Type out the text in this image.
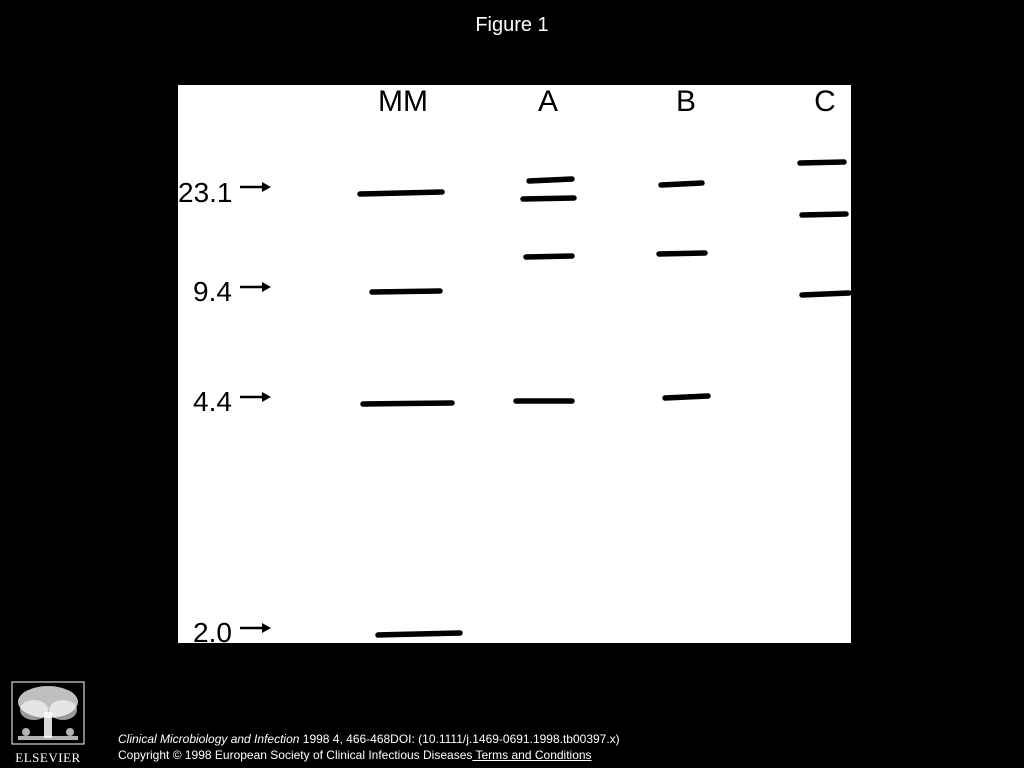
Figure 1
MM	A	B	C
23.1
9.4
4.4
2.0
ELSEVIER
Clinical Microbiology and Infection 1998 4, 466-468DOI: (10.1111/j.1469-0691.1998.tb00397.x)
Copyright © 1998 European Society of Clinical Infectious Diseases Terms and Conditions
